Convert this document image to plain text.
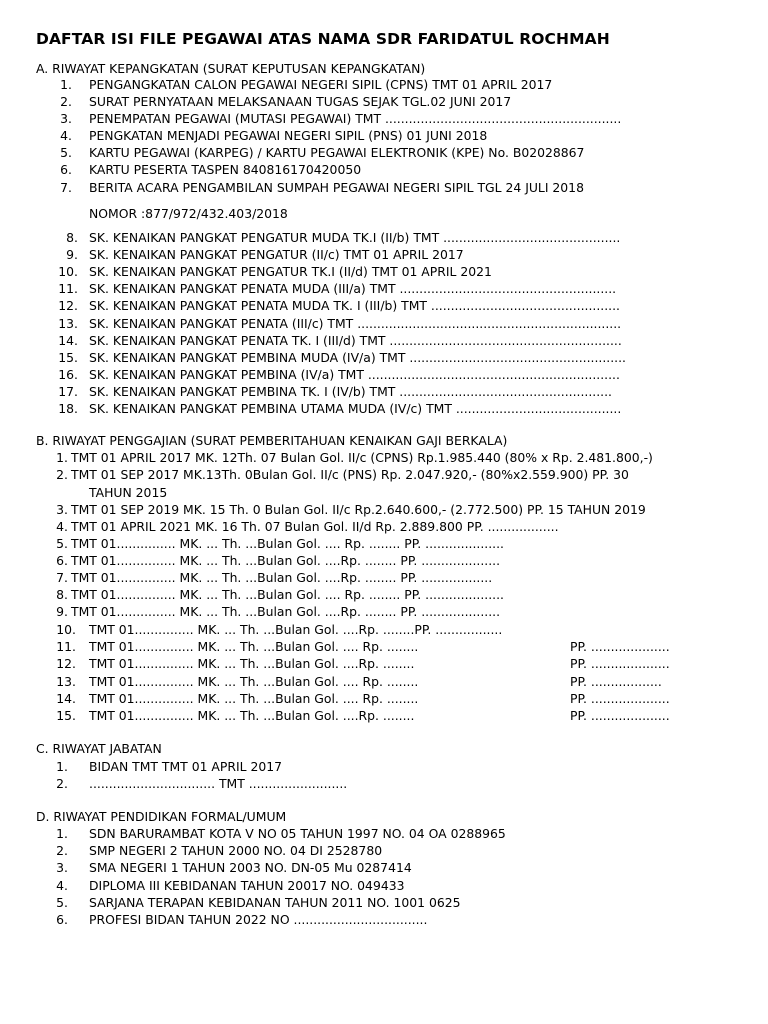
DAFTAR ISI FILE PEGAWAI ATAS NAMA SDR FARIDATUL ROCHMAH
A. RIWAYAT KEPANGKATAN (SURAT KEPUTUSAN KEPANGKATAN)
1. PENGANGKATAN CALON PEGAWAI NEGERI SIPIL (CPNS) TMT 01 APRIL 2017
2. SURAT PERNYATAAN MELAKSANAAN TUGAS SEJAK TGL.02 JUNI 2017
3. PENEMPATAN PEGAWAI (MUTASI PEGAWAI) TMT ............................................................
4. PENGKATAN MENJADI PEGAWAI NEGERI SIPIL (PNS) 01 JUNI 2018
5. KARTU PEGAWAI (KARPEG) / KARTU PEGAWAI ELEKTRONIK (KPE) No. B02028867
6. KARTU PESERTA TASPEN 840816170420050
7. BERITA ACARA PENGAMBILAN SUMPAH PEGAWAI NEGERI SIPIL TGL 24 JULI 2018
NOMOR :877/972/432.403/2018
8. SK. KENAIKAN PANGKAT PENGATUR MUDA TK.I (II/b) TMT .............................................
9. SK. KENAIKAN PANGKAT PENGATUR (II/c) TMT 01 APRIL 2017
10. SK. KENAIKAN PANGKAT PENGATUR TK.I (II/d) TMT 01 APRIL 2021
11. SK. KENAIKAN PANGKAT PENATA MUDA (III/a) TMT .......................................................
12. SK. KENAIKAN PANGKAT PENATA MUDA TK. I (III/b) TMT ................................................
13. SK. KENAIKAN PANGKAT PENATA (III/c) TMT ...................................................................
14. SK. KENAIKAN PANGKAT PENATA TK. I (III/d) TMT ...........................................................
15. SK. KENAIKAN PANGKAT PEMBINA MUDA (IV/a) TMT .......................................................
16. SK. KENAIKAN PANGKAT PEMBINA (IV/a) TMT ................................................................
17. SK. KENAIKAN PANGKAT PEMBINA TK. I (IV/b) TMT ......................................................
18. SK. KENAIKAN PANGKAT PEMBINA UTAMA MUDA (IV/c) TMT ..........................................
B. RIWAYAT PENGGAJIAN (SURAT PEMBERITAHUAN KENAIKAN GAJI BERKALA)
1. TMT 01 APRIL 2017 MK. 12Th. 07 Bulan Gol. II/c (CPNS) Rp.1.985.440 (80% x Rp. 2.481.800,-)
2. TMT 01 SEP 2017 MK.13Th. 0Bulan Gol. II/c (PNS) Rp. 2.047.920,- (80%x2.559.900) PP. 30
TAHUN 2015
3. TMT 01 SEP 2019 MK. 15 Th. 0 Bulan Gol. II/c Rp.2.640.600,- (2.772.500) PP. 15 TAHUN 2019
4. TMT 01 APRIL 2021 MK. 16 Th. 07 Bulan Gol. II/d Rp. 2.889.800 PP. ..................
5. TMT 01............... MK. ... Th. ...Bulan Gol. .... Rp. ........ PP. ....................
6. TMT 01............... MK. ... Th. ...Bulan Gol. ....Rp. ........ PP. ....................
7. TMT 01............... MK. ... Th. ...Bulan Gol. ....Rp. ........ PP. ..................
8. TMT 01............... MK. ... Th. ...Bulan Gol. .... Rp. ........ PP. ....................
9. TMT 01............... MK. ... Th. ...Bulan Gol. ....Rp. ........ PP. ....................
10. TMT 01............... MK. ... Th. ...Bulan Gol. ....Rp. ........PP. .................
11. TMT 01............... MK. ... Th. ...Bulan Gol. .... Rp. ........	PP. ....................
12. TMT 01............... MK. ... Th. ...Bulan Gol. ....Rp. ........	PP. ....................
13. TMT 01............... MK. ... Th. ...Bulan Gol. .... Rp. ........	PP. ..................
14. TMT 01............... MK. ... Th. ...Bulan Gol. .... Rp. ........	PP. ....................
15. TMT 01............... MK. ... Th. ...Bulan Gol. ....Rp. ........	PP. ....................
C. RIWAYAT JABATAN
1. BIDAN TMT TMT 01 APRIL 2017
2. ................................ TMT .........................
D. RIWAYAT PENDIDIKAN FORMAL/UMUM
1. SDN BARURAMBAT KOTA V NO 05 TAHUN 1997 NO. 04 OA 0288965
2. SMP NEGERI 2 TAHUN 2000 NO. 04 DI 2528780
3. SMA NEGERI 1 TAHUN 2003 NO. DN-05 Mu 0287414
4. DIPLOMA III KEBIDANAN TAHUN 20017 NO. 049433
5. SARJANA TERAPAN KEBIDANAN TAHUN 2011 NO. 1001 0625
6. PROFESI BIDAN TAHUN 2022 NO ..................................
